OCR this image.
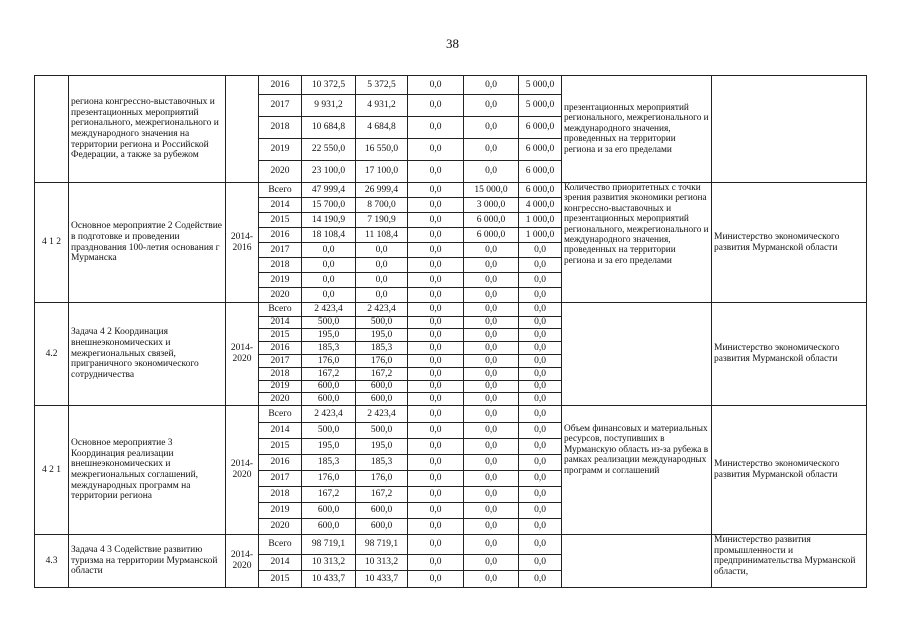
38
	региона конгрессно-выставочных и презентационных мероприятий регионального, межрегионального и международного значения на территории региона и Российской Федерации, а также за рубежом		2016	10 372,5	5 372,5	0,0	0,0	5 000,0	презентационных мероприятий регионального, межрегионального и международного значения, проведенных на территории региона и за его пределами	
			2017	9 931,2	4 931,2	0,0	0,0	5 000,0		
			2018	10 684,8	4 684,8	0,0	0,0	6 000,0		
			2019	22 550,0	16 550,0	0,0	0,0	6 000,0		
			2020	23 100,0	17 100,0	0,0	0,0	6 000,0		
4 1 2	Основное мероприятие 2 Содействие в подготовке и проведении празднования 100-летия основания г Мурманска	2014-2016	Всего	47 999,4	26 999,4	0,0	15 000,0	6 000,0	Количество приоритетных с точки зрения развития экономики региона конгрессно-выставочных и презентационных мероприятий регионального, межрегионального и международного значения, проведенных на территории региона и за его пределами	Министерство экономического развития Мурманской области
			2014	15 700,0	8 700,0	0,0	3 000,0	4 000,0		
			2015	14 190,9	7 190,9	0,0	6 000,0	1 000,0		
			2016	18 108,4	11 108,4	0,0	6 000,0	1 000,0		
			2017	0,0	0,0	0,0	0,0	0,0		
			2018	0,0	0,0	0,0	0,0	0,0		
			2019	0,0	0,0	0,0	0,0	0,0		
			2020	0,0	0,0	0,0	0,0	0,0		
4.2	Задача 4 2 Координация внешнеэкономических и межрегиональных связей, приграничного экономического сотрудничества	2014-2020	Всего	2 423,4	2 423,4	0,0	0,0	0,0		Министерство экономического развития Мурманской области
			2014	500,0	500,0	0,0	0,0	0,0		
			2015	195,0	195,0	0,0	0,0	0,0		
			2016	185,3	185,3	0,0	0,0	0,0		
			2017	176,0	176,0	0,0	0,0	0,0		
			2018	167,2	167,2	0,0	0,0	0,0		
			2019	600,0	600,0	0,0	0,0	0,0		
			2020	600,0	600,0	0,0	0,0	0,0		
4 2 1	Основное мероприятие 3 Координация реализации внешнеэкономических и межрегиональных соглашений, международных программ на территории региона	2014-2020	Всего	2 423,4	2 423,4	0,0	0,0	0,0	Объем финансовых и материальных ресурсов, поступивших в Мурманскую область из-за рубежа в рамках реализации международных программ и соглашений	Министерство экономического развития Мурманской области
			2014	500,0	500,0	0,0	0,0	0,0		
			2015	195,0	195,0	0,0	0,0	0,0		
			2016	185,3	185,3	0,0	0,0	0,0		
			2017	176,0	176,0	0,0	0,0	0,0		
			2018	167,2	167,2	0,0	0,0	0,0		
			2019	600,0	600,0	0,0	0,0	0,0		
			2020	600,0	600,0	0,0	0,0	0,0		
4.3	Задача 4 3 Содействие развитию туризма на территории Мурманской области	2014-2020	Всего	98 719,1	98 719,1	0,0	0,0	0,0		Министерство развития промышленности и предпринимательства Мурманской области,
			2014	10 313,2	10 313,2	0,0	0,0	0,0		
			2015	10 433,7	10 433,7	0,0	0,0	0,0		
